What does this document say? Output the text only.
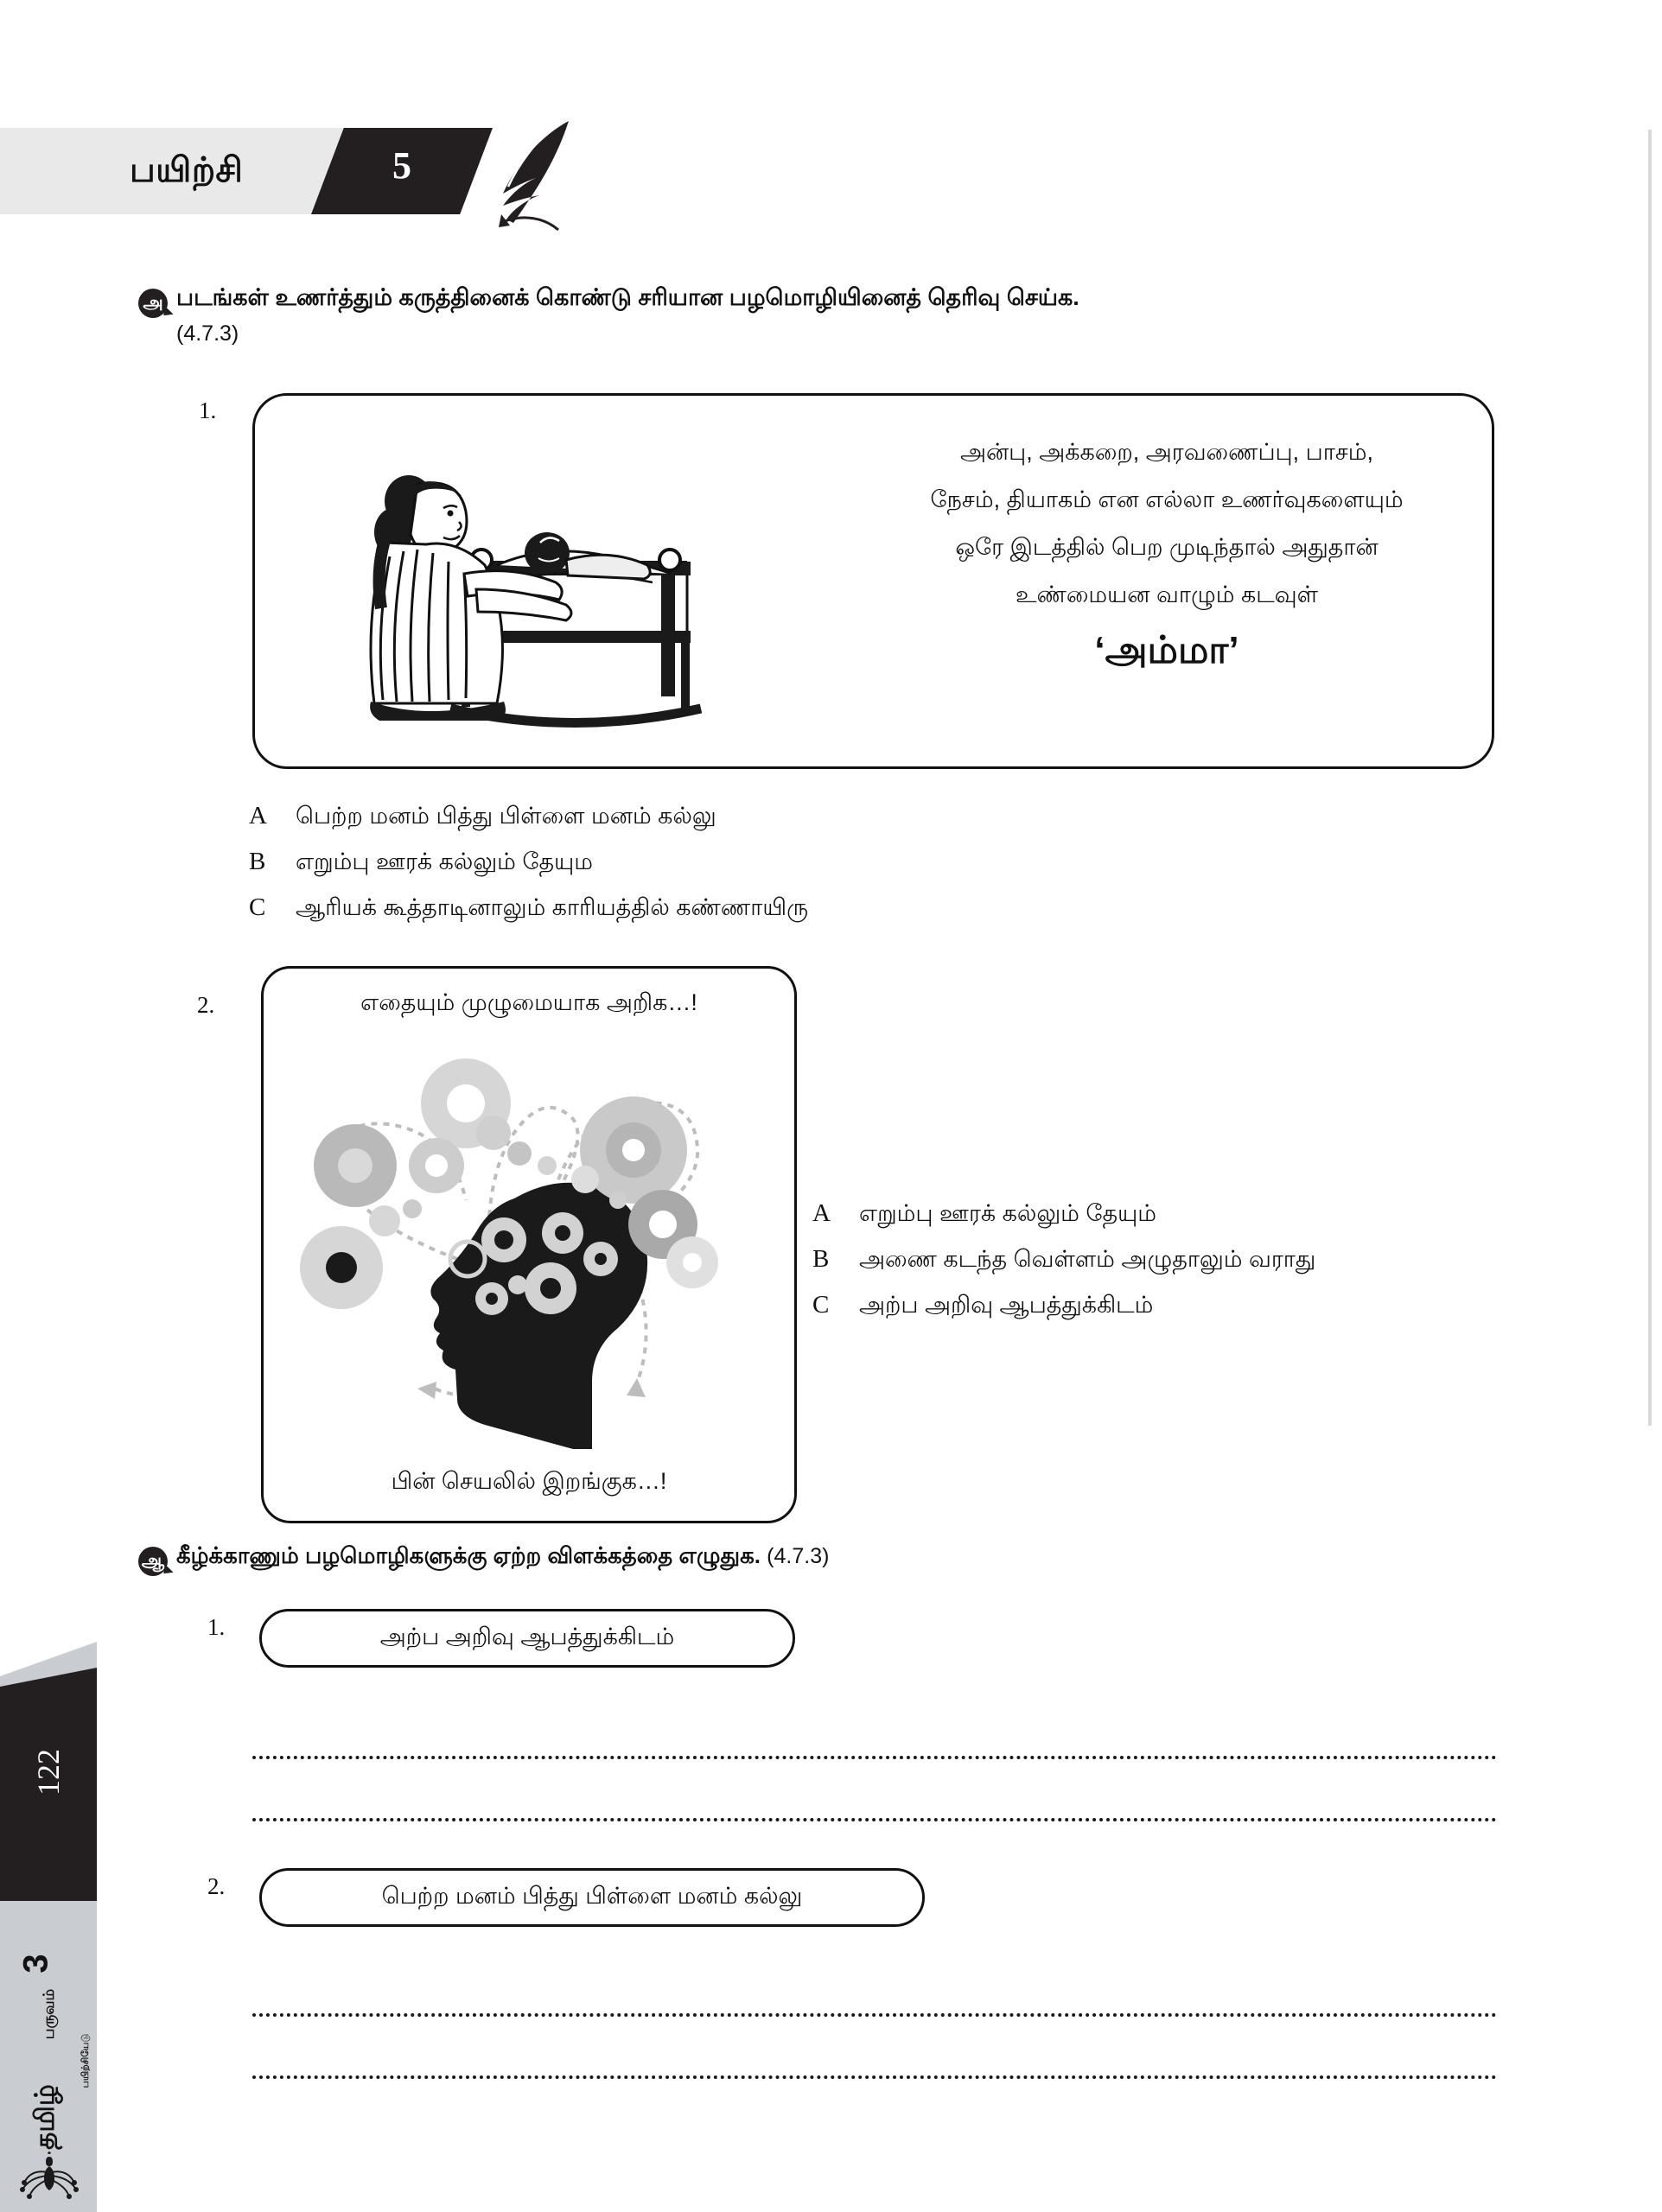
பயிற்சி	5
அ படங்கள் உணர்த்தும் கருத்தினைக் கொண்டு சரியான பழமொழியினைத் தெரிவு செய்க.
(4.7.3)
1.
அன்பு, அக்கறை, அரவணைப்பு, பாசம்,
நேசம், தியாகம் என எல்லா உணர்வுகளையும்
ஒரே இடத்தில் பெற முடிந்தால் அதுதான்
உண்மையன வாழும் கடவுள்
‘அம்மா’
A பெற்ற மனம் பித்து பிள்ளை மனம் கல்லு
B எறும்பு ஊரக் கல்லும் தேயும
C ஆரியக் கூத்தாடினாலும் காரியத்தில் கண்ணாயிரு
2.	எதையும் முழுமையாக அறிக…!
பின் செயலில் இறங்குக…!
A எறும்பு ஊரக் கல்லும் தேயும்
B அணை கடந்த வெள்ளம் அழுதாலும் வராது
C அற்ப அறிவு ஆபத்துக்கிடம்
ஆ கீழ்க்காணும் பழமொழிகளுக்கு ஏற்ற விளக்கத்தை எழுதுக. (4.7.3)
1.	அற்ப அறிவு ஆபத்துக்கிடம்
2.	பெற்ற மனம் பித்து பிள்ளை மனம் கல்லு
122
3
பருவம்
தமிழ்
பயிற்சியேடு
